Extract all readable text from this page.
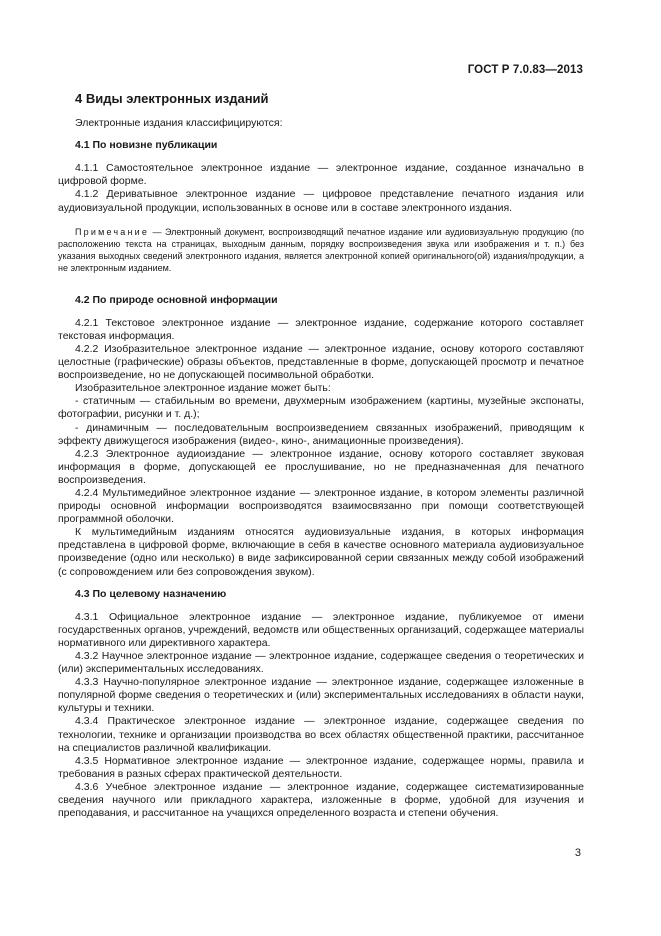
ГОСТ Р 7.0.83—2013
4 Виды электронных изданий

Электронные издания классифицируются:

4.1 По новизне публикации

4.1.1 Самостоятельное электронное издание — электронное издание, созданное изначально в цифровой форме.

4.1.2 Дериватывное электронное издание — цифровое представление печатного издания или аудиовизуальной продукции, использованных в основе или в составе электронного издания.

Примечание — Электронный документ, воспроизводящий печатное издание или аудиовизуальную продукцию (по расположению текста на страницах, выходным данным, порядку воспроизведения звука или изображения и т. п.) без указания выходных сведений электронного издания, является электронной копией оригинального(ой) издания/продукции, а не электронным изданием.

4.2 По природе основной информации

4.2.1 Текстовое электронное издание — электронное издание, содержание которого составляет текстовая информация.

4.2.2 Изобразительное электронное издание — электронное издание, основу которого составляют целостные (графические) образы объектов, представленные в форме, допускающей просмотр и печатное воспроизведение, но не допускающей посимвольной обработки.

Изобразительное электронное издание может быть:

- статичным — стабильным во времени, двухмерным изображением (картины, музейные экспонаты, фотографии, рисунки и т. д.);

- динамичным — последовательным воспроизведением связанных изображений, приводящим к эффекту движущегося изображения (видео-, кино-, анимационные произведения).

4.2.3 Электронное аудиоиздание — электронное издание, основу которого составляет звуковая информация в форме, допускающей ее прослушивание, но не предназначенная для печатного воспроизведения.

4.2.4 Мультимедийное электронное издание — электронное издание, в котором элементы различной природы основной информации воспроизводятся взаимосвязанно при помощи соответствующей программной оболочки.

К мультимедийным изданиям относятся аудиовизуальные издания, в которых информация представлена в цифровой форме, включающие в себя в качестве основного материала аудиовизуальное произведение (одно или несколько) в виде зафиксированной серии связанных между собой изображений (с сопровождением или без сопровождения звуком).

4.3 По целевому назначению

4.3.1 Официальное электронное издание — электронное издание, публикуемое от имени государственных органов, учреждений, ведомств или общественных организаций, содержащее материалы нормативного или директивного характера.

4.3.2 Научное электронное издание — электронное издание, содержащее сведения о теоретических и (или) экспериментальных исследованиях.

4.3.3 Научно-популярное электронное издание — электронное издание, содержащее изложенные в популярной форме сведения о теоретических и (или) экспериментальных исследованиях в области науки, культуры и техники.

4.3.4 Практическое электронное издание — электронное издание, содержащее сведения по технологии, технике и организации производства во всех областях общественной практики, рассчитанное на специалистов различной квалификации.

4.3.5 Нормативное электронное издание — электронное издание, содержащее нормы, правила и требования в разных сферах практической деятельности.

4.3.6 Учебное электронное издание — электронное издание, содержащее систематизированные сведения научного или прикладного характера, изложенные в форме, удобной для изучения и преподавания, и рассчитанное на учащихся определенного возраста и степени обучения.

3
